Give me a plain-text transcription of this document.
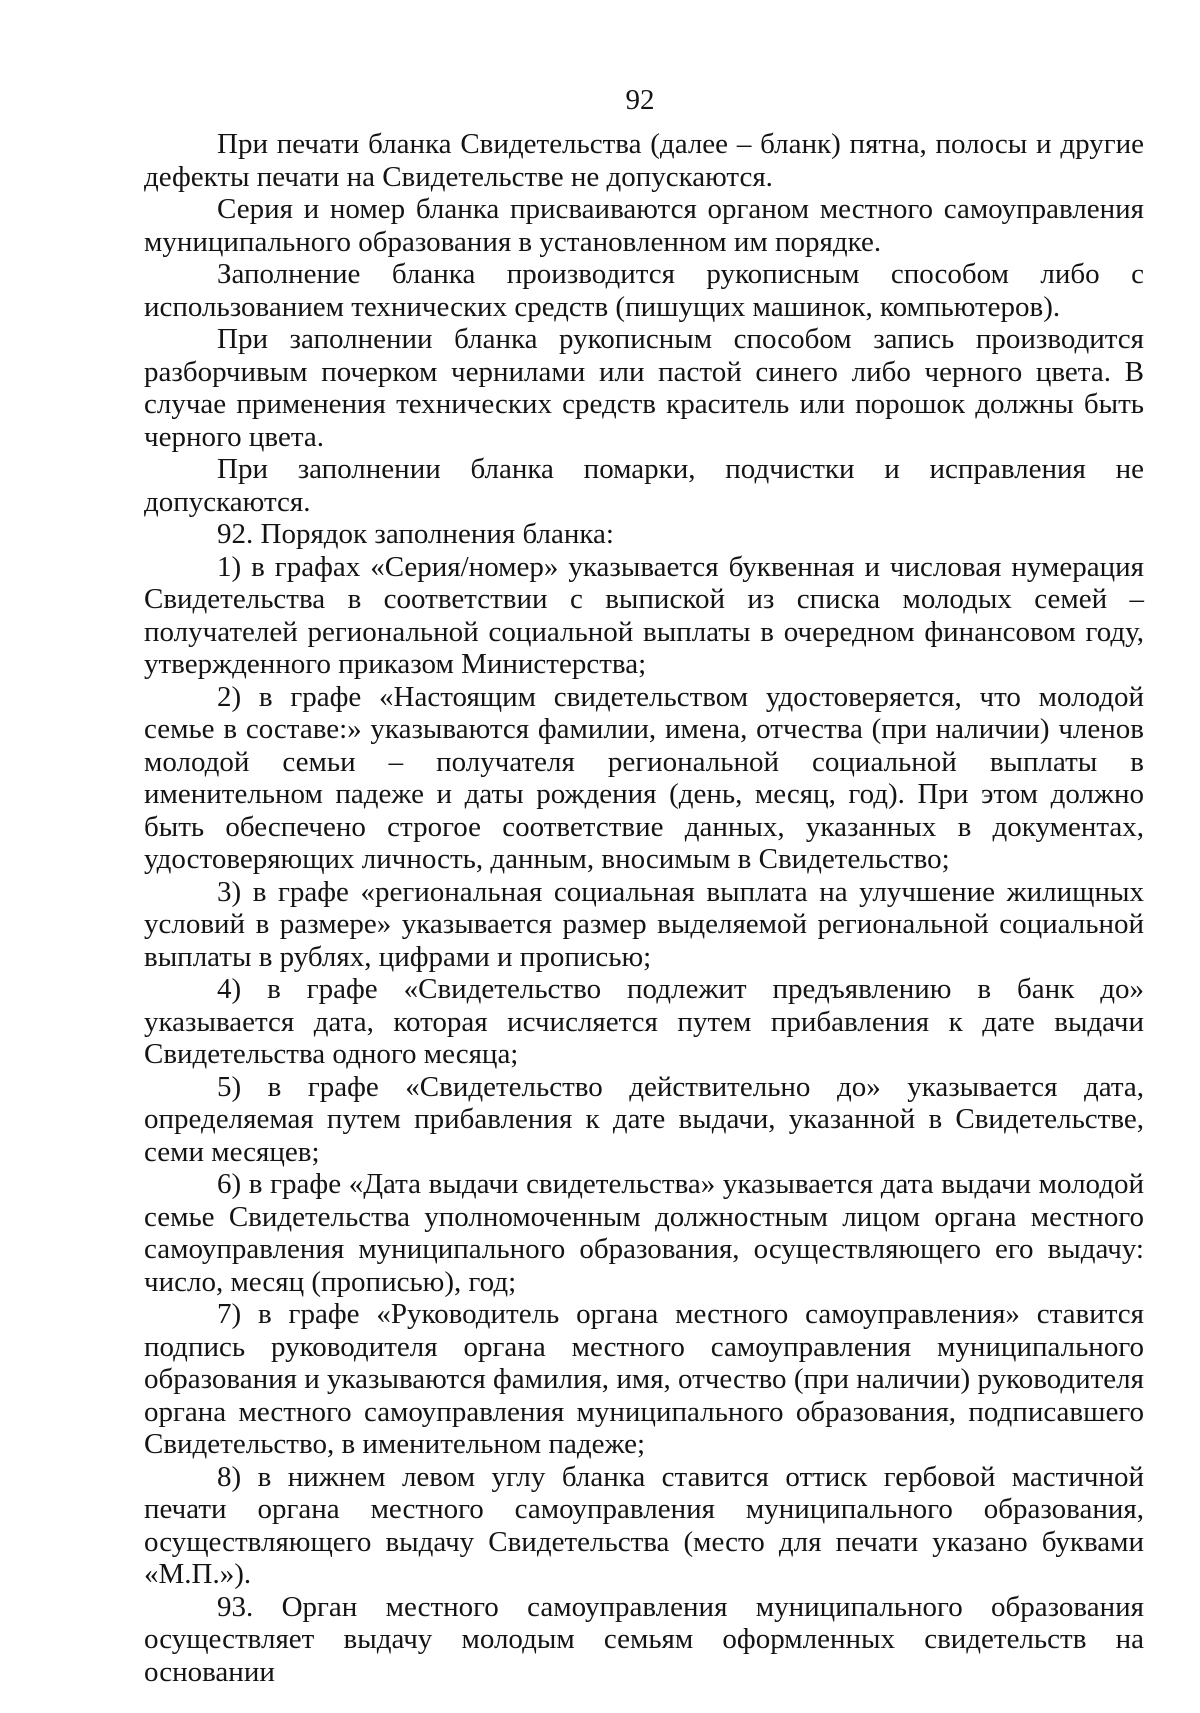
92

При печати бланка Свидетельства (далее – бланк) пятна, полосы и другие дефекты печати на Свидетельстве не допускаются.

Серия и номер бланка присваиваются органом местного самоуправления муниципального образования в установленном им порядке.

Заполнение бланка производится рукописным способом либо с использованием технических средств (пишущих машинок, компьютеров).

При заполнении бланка рукописным способом запись производится разборчивым почерком чернилами или пастой синего либо черного цвета. В случае применения технических средств краситель или порошок должны быть черного цвета.

При заполнении бланка помарки, подчистки и исправления не допускаются.

92. Порядок заполнения бланка:

1) в графах «Серия/номер» указывается буквенная и числовая нумерация Свидетельства в соответствии с выпиской из списка молодых семей – получателей региональной социальной выплаты в очередном финансовом году, утвержденного приказом Министерства;

2) в графе «Настоящим свидетельством удостоверяется, что молодой семье в составе:» указываются фамилии, имена, отчества (при наличии) членов молодой семьи – получателя региональной социальной выплаты в именительном падеже и даты рождения (день, месяц, год). При этом должно быть обеспечено строгое соответствие данных, указанных в документах, удостоверяющих личность, данным, вносимым в Свидетельство;

3) в графе «региональная социальная выплата на улучшение жилищных условий в размере» указывается размер выделяемой региональной социальной выплаты в рублях, цифрами и прописью;

4) в графе «Свидетельство подлежит предъявлению в банк до» указывается дата, которая исчисляется путем прибавления к дате выдачи Свидетельства одного месяца;

5) в графе «Свидетельство действительно до» указывается дата, определяемая путем прибавления к дате выдачи, указанной в Свидетельстве, семи месяцев;

6) в графе «Дата выдачи свидетельства» указывается дата выдачи молодой семье Свидетельства уполномоченным должностным лицом органа местного самоуправления муниципального образования, осуществляющего его выдачу: число, месяц (прописью), год;

7) в графе «Руководитель органа местного самоуправления» ставится подпись руководителя органа местного самоуправления муниципального образования и указываются фамилия, имя, отчество (при наличии) руководителя органа местного самоуправления муниципального образования, подписавшего Свидетельство, в именительном падеже;

8) в нижнем левом углу бланка ставится оттиск гербовой мастичной печати органа местного самоуправления муниципального образования, осуществляющего выдачу Свидетельства (место для печати указано буквами «М.П.»).

93. Орган местного самоуправления муниципального образования осуществляет выдачу молодым семьям оформленных свидетельств на основании
